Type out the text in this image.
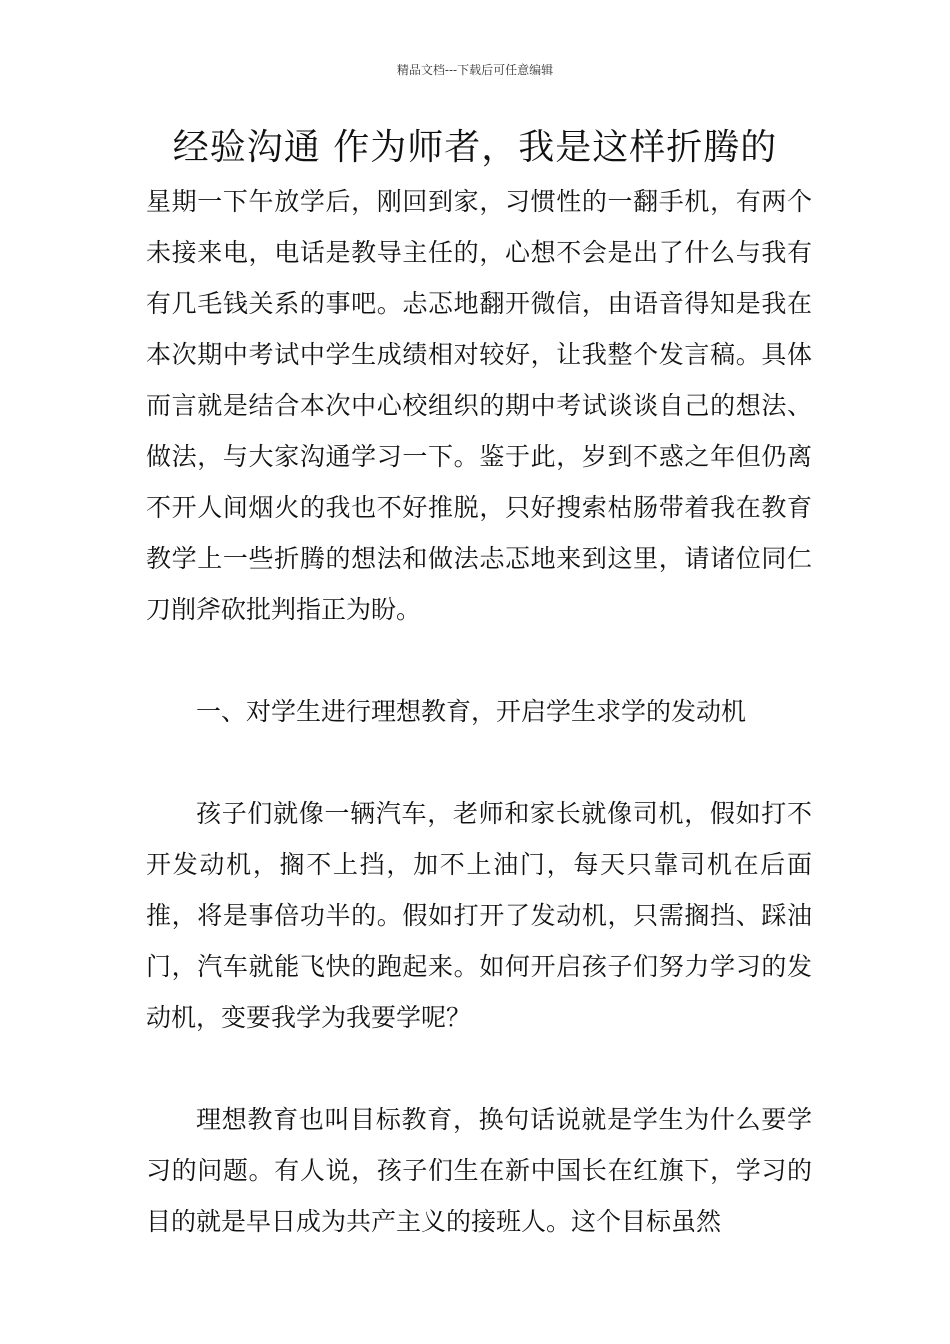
精品文档---下载后可任意编辑
经验沟通 作为师者，我是这样折腾的

星期一下午放学后，刚回到家，习惯性的一翻手机，有两个未接来电，电话是教导主任的，心想不会是出了什么与我有有几毛钱关系的事吧。忐忑地翻开微信，由语音得知是我在本次期中考试中学生成绩相对较好，让我整个发言稿。具体而言就是结合本次中心校组织的期中考试谈谈自己的想法、做法，与大家沟通学习一下。鉴于此，岁到不惑之年但仍离不开人间烟火的我也不好推脱，只好搜索枯肠带着我在教育教学上一些折腾的想法和做法忐忑地来到这里，请诸位同仁刀削斧砍批判指正为盼。

一、对学生进行理想教育，开启学生求学的发动机

孩子们就像一辆汽车，老师和家长就像司机，假如打不开发动机，搁不上挡，加不上油门，每天只靠司机在后面推，将是事倍功半的。假如打开了发动机，只需搁挡、踩油门，汽车就能飞快的跑起来。如何开启孩子们努力学习的发动机，变要我学为我要学呢？

理想教育也叫目标教育，换句话说就是学生为什么要学习的问题。有人说，孩子们生在新中国长在红旗下，学习的目的就是早日成为共产主义的接班人。这个目标虽然
